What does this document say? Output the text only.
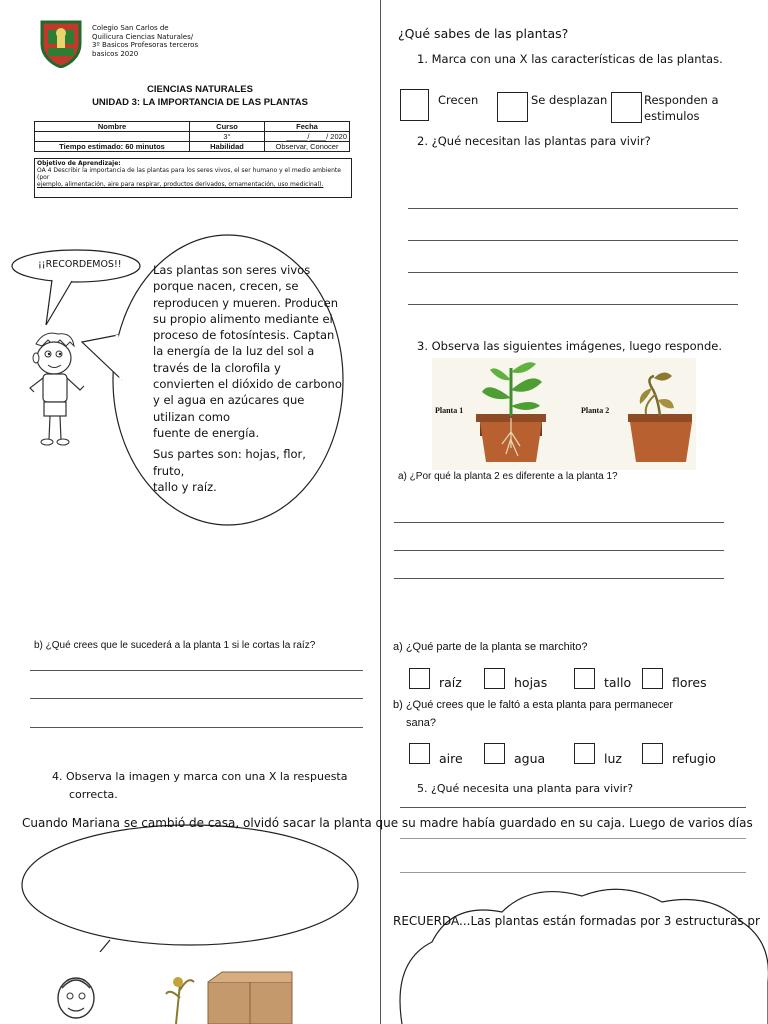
Colegio San Carlos de
Quilicura Ciencias Naturales/
3º Basicos Profesoras terceros
basicos 2020
CIENCIAS NATURALES
UNIDAD 3: LA IMPORTANCIA DE LAS PLANTAS
Nombre	Curso	Fecha
	3°	_____/____/ 2020
Tiempo estimado: 60 minutos	Habilidad	Observar, Conocer
Objetivo de Aprendizaje:
OA 4 Describir la importancia de las plantas para los seres vivos, el ser humano y el medio ambiente (por
ejemplo, alimentación, aire para respirar, productos derivados, ornamentación, uso medicinal).
¡¡RECORDEMOS!!	Las plantas son seres vivos
porque nacen, crecen, se
reproducen y mueren. Producen
su propio alimento mediante el
proceso de fotosíntesis. Captan
la energía de la luz del sol a
través de la clorofila y
convierten el dióxido de carbono
y el agua en azúcares que
utilizan como
fuente de energía.
Sus partes son: hojas, flor,
fruto,
tallo y raíz.
¿Qué sabes de las plantas?
1. Marca con una X las características de las plantas.
Crecen	Se desplazan	Responden a
estimulos
2. ¿Qué necesitan las plantas para vivir?
3. Observa las siguientes imágenes, luego responde.
Planta 1	Planta 2
a) ¿Por qué la planta 2 es diferente a la planta 1?
b) ¿Qué crees que le sucederá a la planta 1 si le cortas la raíz?
4. Observa la imagen y marca con una X la respuesta
correcta.
Cuando Mariana se cambió de casa, olvidó sacar la planta que su madre había guardado en su caja. Luego de varios días
a) ¿Qué parte de la planta se marchito?
raíz	hojas	tallo	flores
b) ¿Qué crees que le faltó a esta planta para permanecer
sana?
aire	agua	luz	refugio
5. ¿Qué necesita una planta para vivir?
RECUERDA...Las plantas están formadas por 3 estructuras pr
